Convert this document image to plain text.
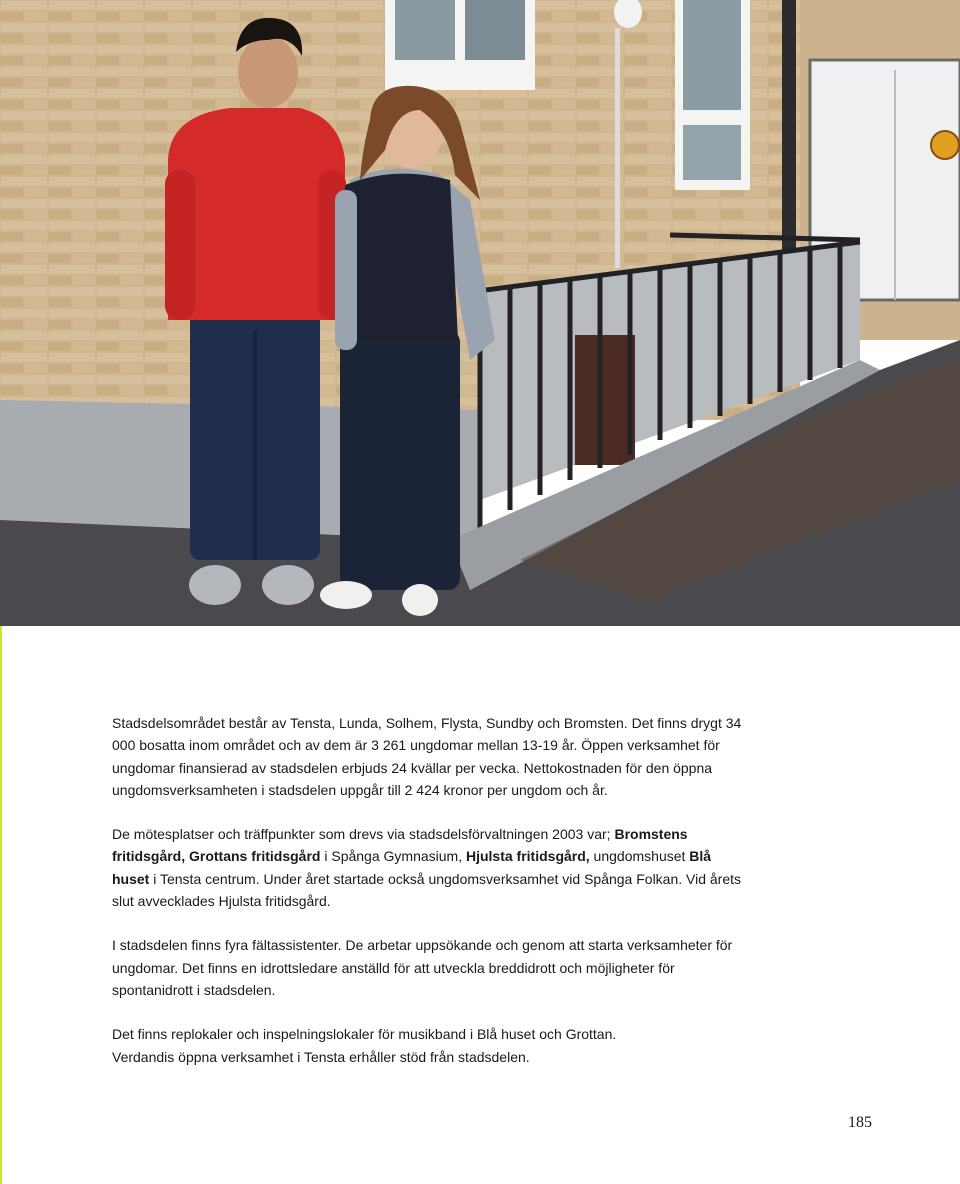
Stadsdelsområdet består av Tensta, Lunda, Solhem, Flysta, Sundby och Bromsten. Det finns drygt 34 000 bosatta inom området och av dem är 3 261 ungdomar mellan 13-19 år. Öppen verksamhet för ungdomar finansierad av stadsdelen erbjuds 24 kvällar per vecka. Nettokostnaden för den öppna ungdomsverksamheten i stadsdelen uppgår till 2 424 kronor per ungdom och år.

De mötesplatser och träffpunkter som drevs via stadsdelsförvaltningen 2003 var; Bromstens fritidsgård, Grottans fritidsgård i Spånga Gymnasium, Hjulsta fritidsgård, ungdomshuset Blå huset i Tensta centrum. Under året startade också ungdomsverksamhet vid Spånga Folkan. Vid årets slut avvecklades Hjulsta fritidsgård.

I stadsdelen finns fyra fältassistenter. De arbetar uppsökande och genom att starta verksamheter för ungdomar. Det finns en idrottsledare anställd för att utveckla breddidrott och möjligheter för spontanidrott i stadsdelen.

Det finns replokaler och inspelningslokaler för musikband i Blå huset och Grottan.
Verdandis öppna verksamhet i Tensta erhåller stöd från stadsdelen.

185
